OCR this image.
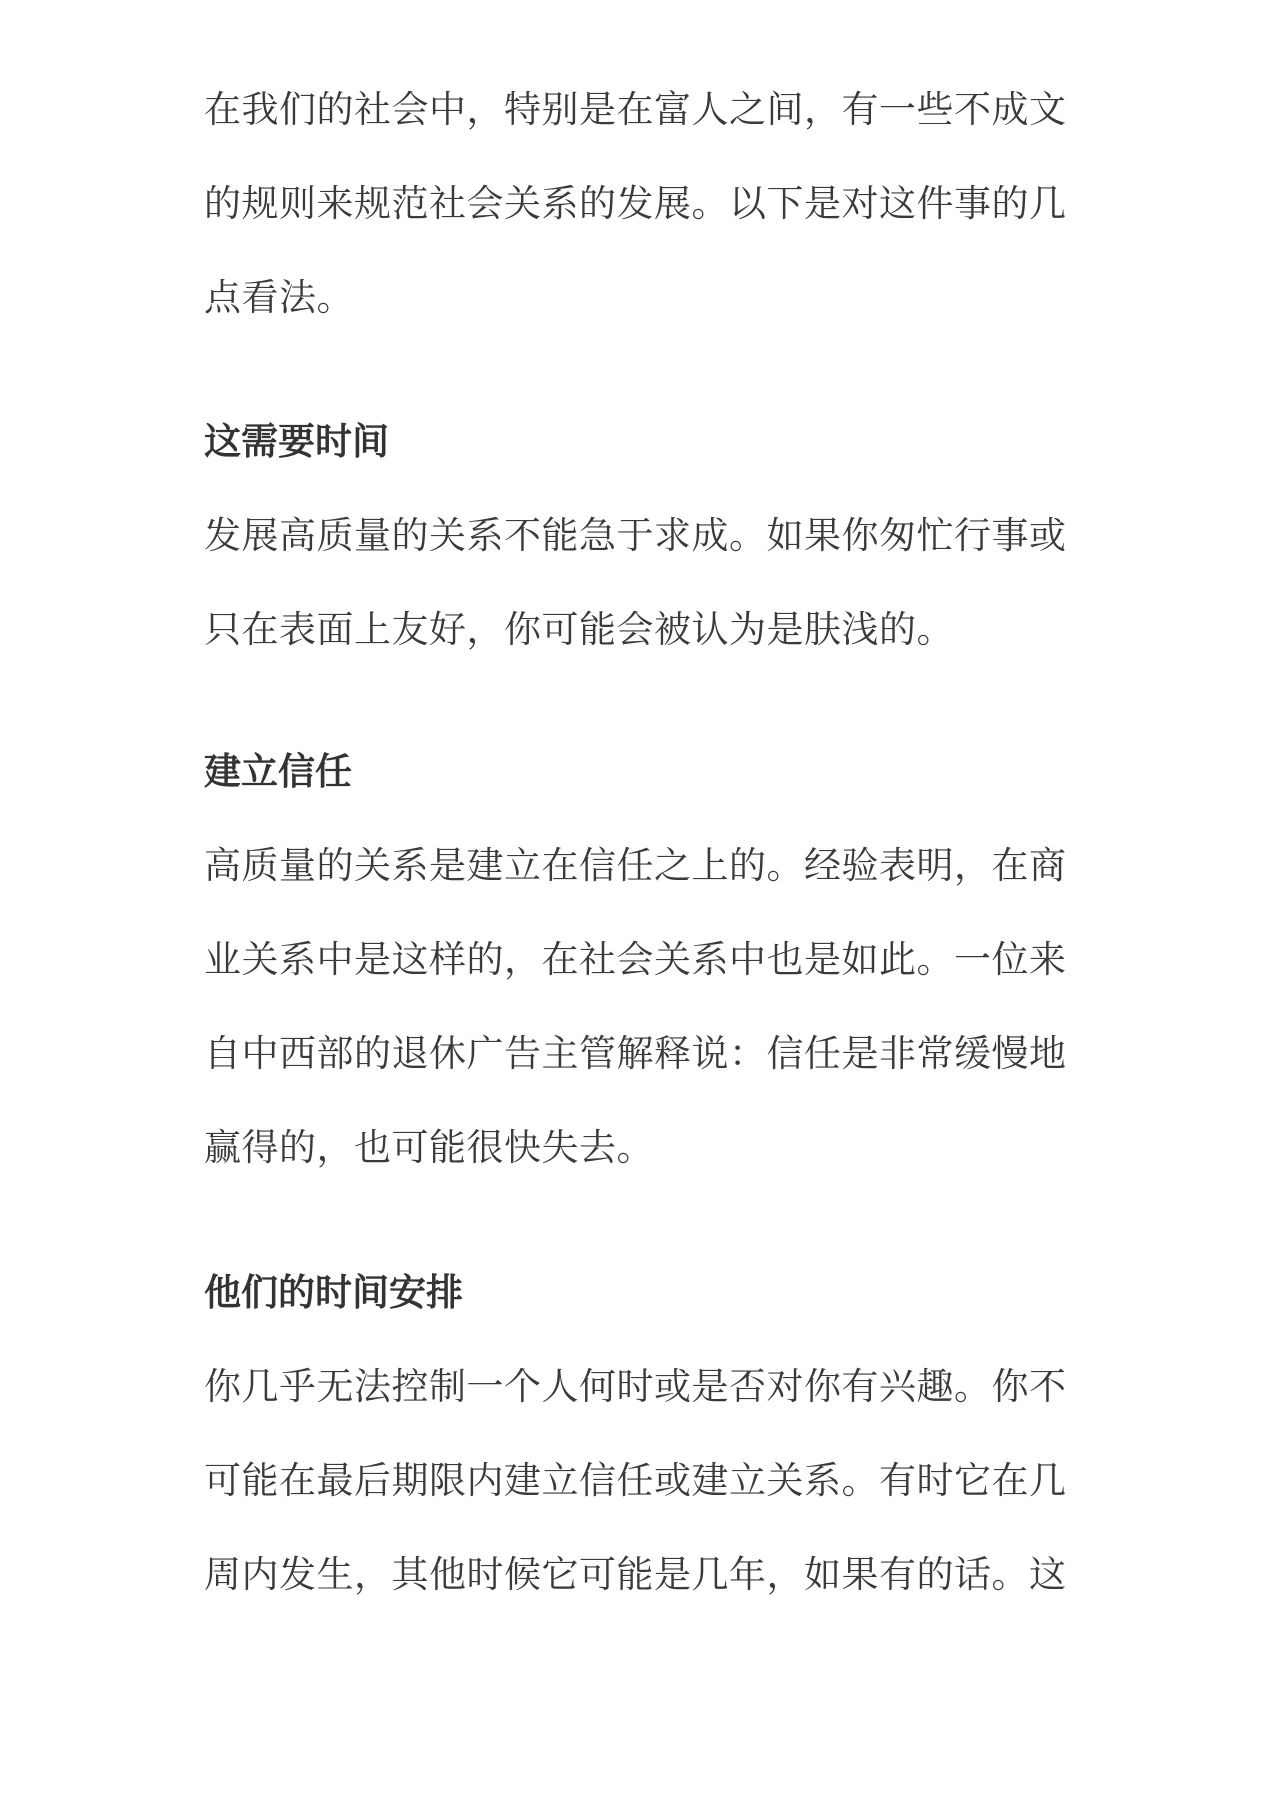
在我们的社会中，特别是在富人之间，有一些不成文
的规则来规范社会关系的发展。以下是对这件事的几
点看法。
这需要时间
发展高质量的关系不能急于求成。如果你匆忙行事或
只在表面上友好，你可能会被认为是肤浅的。
建立信任
高质量的关系是建立在信任之上的。经验表明，在商
业关系中是这样的，在社会关系中也是如此。一位来
自中西部的退休广告主管解释说：信任是非常缓慢地
赢得的，也可能很快失去。
他们的时间安排
你几乎无法控制一个人何时或是否对你有兴趣。你不
可能在最后期限内建立信任或建立关系。有时它在几
周内发生，其他时候它可能是几年，如果有的话。这
